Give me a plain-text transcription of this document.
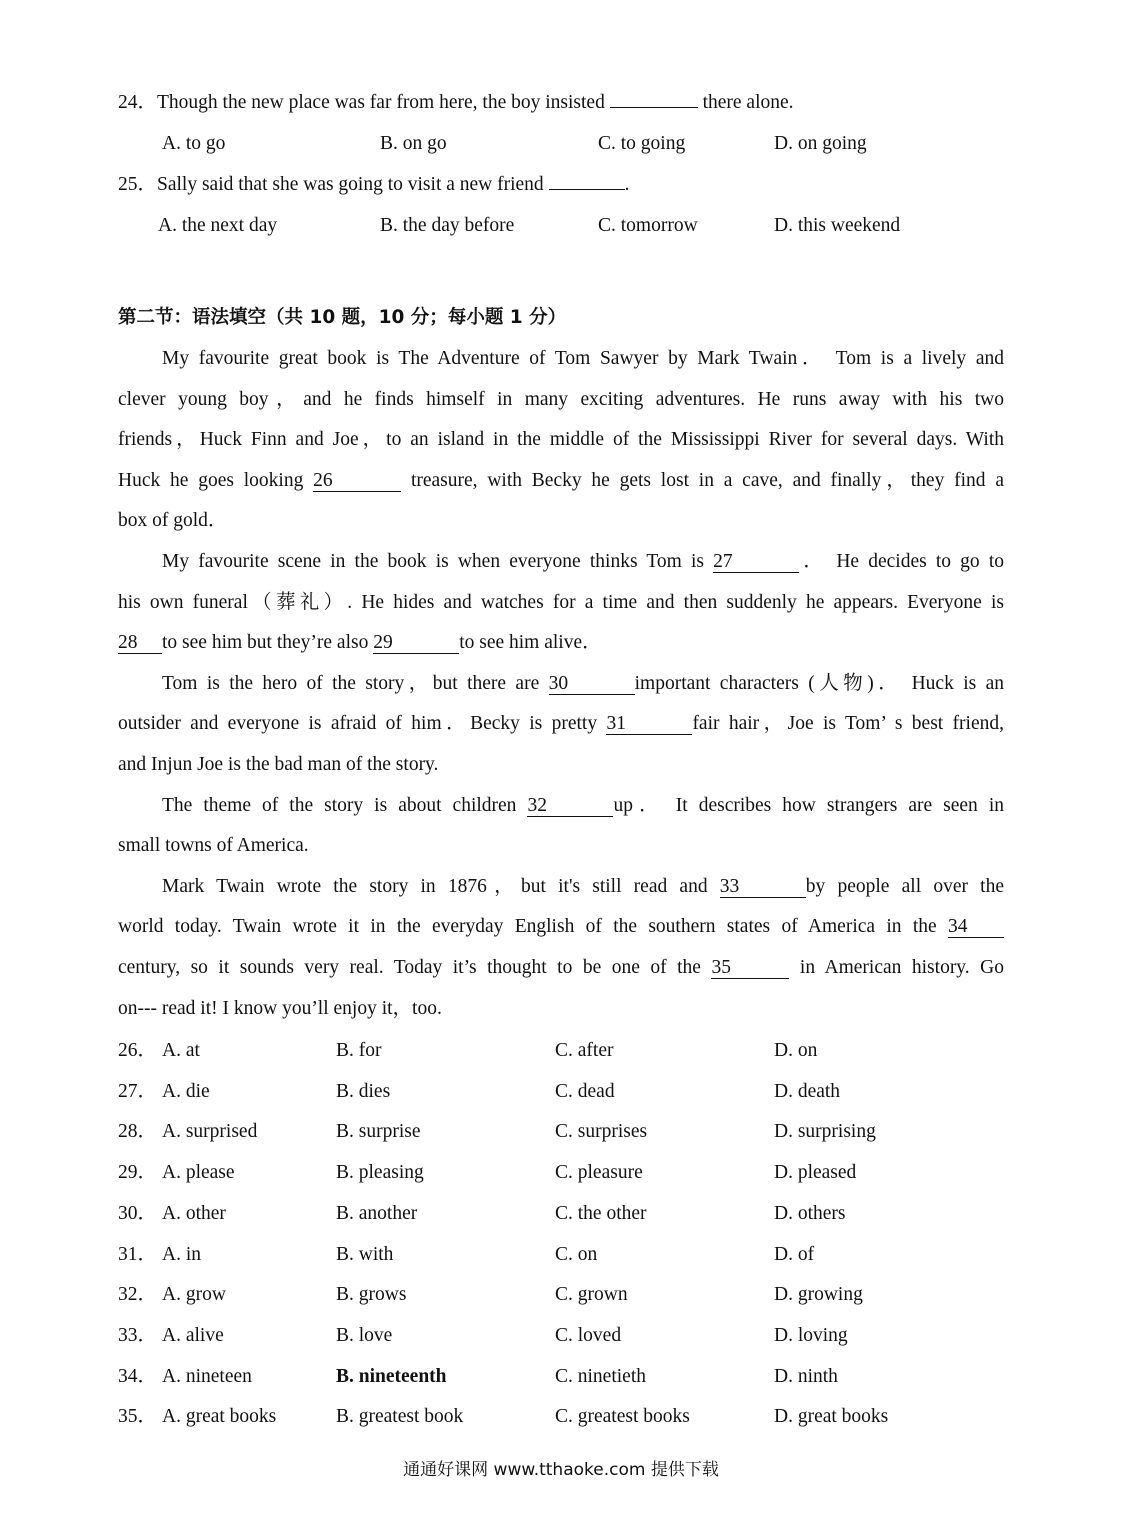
24．Though the new place was far from here, the boy insisted	there alone.
A. to go	B. on go	C. to going	D. on going
25．Sally said that she was going to visit a new friend	.
A. the next day	B. the day before	C. tomorrow	D. this weekend
第二节：语法填空（共 10 题，10 分；每小题 1 分）
My favourite great book is The Adventure of Tom Sawyer by Mark Twain． Tom is a lively and
clever young boy，and he finds himself in many exciting adventures. He runs away with his two
friends，Huck Finn and Joe，to an island in the middle of the Mississippi River for several days. With
Huck he goes looking 26	treasure, with Becky he gets lost in a cave, and finally，they find a
box of gold．
My favourite scene in the book is when everyone thinks Tom is 27	． He decides to go to
his own funeral（葬礼）. He hides and watches for a time and then suddenly he appears. Everyone is
28 to see him but they’re also 29	to see him alive．
Tom is the hero of the story，but there are 30	important characters (人物)． Huck is an
outsider and everyone is afraid of him．Becky is pretty 31	fair hair，Joe is Tom’ s best friend,
and Injun Joe is the bad man of the story.
The theme of the story is about children 32	up． It describes how strangers are seen in
small towns of America.
Mark Twain wrote the story in 1876，but it's still read and 33	by people all over the
world today. Twain wrote it in the everyday English of the southern states of America in the 34
century, so it sounds very real. Today it’s thought to be one of the 35	in American history. Go
on--- read it! I know you’ll enjoy it，too.
26． A. at	B. for	C. after	D. on
27． A. die	B. dies	C. dead	D. death
28． A. surprised	B. surprise	C. surprises	D. surprising
29． A. please	B. pleasing	C. pleasure	D. pleased
30． A. other	B. another	C. the other	D. others
31． A. in	B. with	C. on	D. of
32． A. grow	B. grows	C. grown	D. growing
33． A. alive	B. love	C. loved	D. loving
34． A. nineteen	B. nineteenth	C. ninetieth	D. ninth
35． A. great books	B. greatest book	C. greatest books	D. great books
通通好课网 www.tthaoke.com 提供下载
